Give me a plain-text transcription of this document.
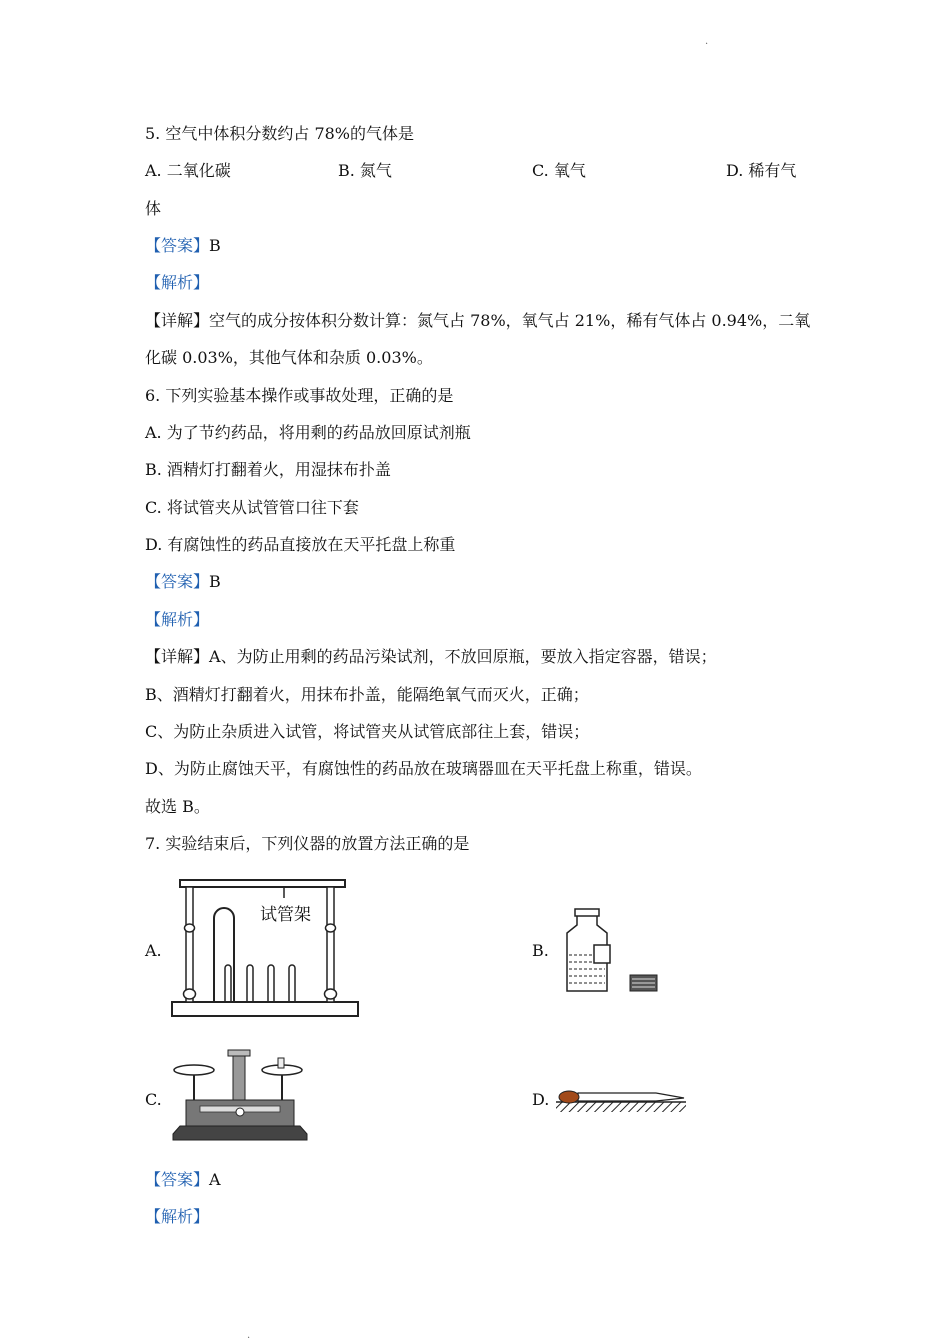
.
5. 空气中体积分数约占 78%的气体是
A. 二氧化碳	B. 氮气	C. 氧气	D. 稀有气
体
【答案】B
【解析】
【详解】空气的成分按体积分数计算：氮气占 78%，氧气占 21%，稀有气体占 0.94%，二氧
化碳 0.03%，其他气体和杂质 0.03%。
6. 下列实验基本操作或事故处理，正确的是
A. 为了节约药品，将用剩的药品放回原试剂瓶
B. 酒精灯打翻着火，用湿抹布扑盖
C. 将试管夹从试管管口往下套
D. 有腐蚀性的药品直接放在天平托盘上称重
【答案】B
【解析】
【详解】A、为防止用剩的药品污染试剂，不放回原瓶，要放入指定容器，错误；
B、酒精灯打翻着火，用抹布扑盖，能隔绝氧气而灭火，正确；
C、为防止杂质进入试管，将试管夹从试管底部往上套，错误；
D、为防止腐蚀天平，有腐蚀性的药品放在玻璃器皿在天平托盘上称重，错误。
故选 B。
7. 实验结束后，下列仪器的放置方法正确的是
A.
试管架
B.
C.	D.
【答案】A
【解析】
.
